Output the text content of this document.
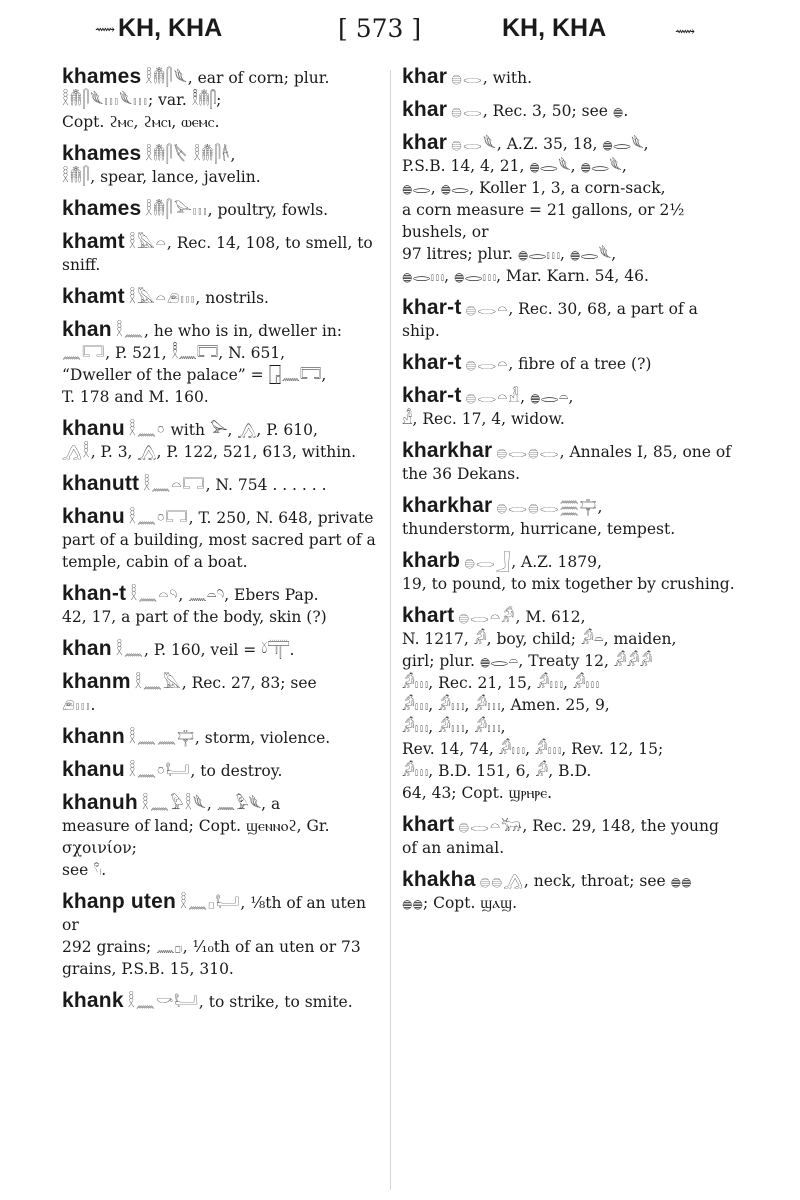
⟿ KH, KHA	[ 573 ]	KH, KHA	⟿
khames 𓎛𓄟𓋴𓆰, ear of corn; plur.
𓎛𓄟𓋴𓆰𓏥𓆰𓏥; var. 𓎛𓄟𓋴;
Copt. ϩⲙⲥ, ϩⲙⲥⲓ, ⲱⲉⲙⲥ.
khames 𓎛𓄟𓋴𓌸 𓎛𓄟𓋴𓌹,
𓎛𓄟𓋴, spear, lance, javelin.
khames 𓎛𓄟𓋴𓅪𓏥, poultry, fowls.
khamt 𓎛𓅓𓏏, Rec. 14, 108, to smell, to sniff.
khamt 𓎛𓅓𓏏𓂉𓏥, nostrils.
khan 𓎛𓈖, he who is in, dweller in:
𓈖𓉐, P. 521, 𓎛𓈖𓉐, N. 651,
“Dweller of the palace” = 𓉗𓈖𓉐,
T. 178 and M. 160.
khanu 𓎛𓈖𓏌 with 𓅪, 𓂻, P. 610,
𓂻𓎛, P. 3, 𓂻, P. 122, 521, 613, within.
khanutt 𓎛𓈖𓏏𓉐, N. 754 . . . . . .
khanu 𓎛𓈖𓏌𓉐, T. 250, N. 648, private
part of a building, most sacred part of a temple, cabin of a boat.
khan-t 𓎛𓈖𓏏𓄹, 𓈖𓏏𓄹, Ebers Pap.
42, 17, a part of the body, skin (?)
khan 𓎛𓈖, P. 160, veil = 𓍱𓋳.
khanm 𓎛𓈖𓅓, Rec. 27, 83; see
𓂉𓏥.
khann 𓎛𓈖𓈖𓊡, storm, violence.
khanu 𓎛𓈖𓏌𓂡, to destroy.
khanuh 𓎛𓈖𓅱𓎛𓆰, 𓈖𓅱𓆰, a
measure of land; Copt. ϣⲉⲛⲛⲟϩ, Gr. σχοινίον;
see 𓍢𓏺.
khanp uten 𓎛𓈖𓊪𓂡, ⅛th of an uten or
292 grains; 𓈖𓊪𓏺, ¹⁄₁₀th of an uten or 73 grains, P.S.B. 15, 310.
khank 𓎛𓈖𓎡𓂡, to strike, to smite.
khar 𓐍𓂋, with.
khar 𓐍𓂋, Rec. 3, 50; see 𓐍.
khar 𓐍𓂋𓆰, A.Z. 35, 18, 𓐍𓂋𓆰,
P.S.B. 14, 4, 21, 𓐍𓂋𓆰, 𓐍𓂋𓆰,
𓐍𓂋, 𓐍𓂋, Koller 1, 3, a corn-sack,
a corn measure = 21 gallons, or 2½ bushels, or
97 litres; plur. 𓐍𓂋𓏥, 𓐍𓂋𓆰,
𓐍𓂋𓏥, 𓐍𓂋𓏥, Mar. Karn. 54, 46.
khar-t 𓐍𓂋𓏏, Rec. 30, 68, a part of a ship.
khar-t 𓐍𓂋𓏏, fibre of a tree (?)
khar-t 𓐍𓂋𓏏𓁐, 𓐍𓂋𓏏,
𓁐, Rec. 17, 4, widow.
kharkhar 𓐍𓂋𓐍𓂋, Annales I, 85, one of the 36 Dekans.
kharkhar 𓐍𓂋𓐍𓂋𓈗𓊡,
thunderstorm, hurricane, tempest.
kharb 𓐍𓂋𓃀, A.Z. 1879,
19, to pound, to mix together by crushing.
khart 𓐍𓂋𓏏𓀔, M. 612,
N. 1217, 𓀔, boy, child; 𓀔𓏏, maiden,
girl; plur. 𓐍𓂋𓏏, Treaty 12, 𓀔𓀔𓀔
𓀔𓏥, Rec. 21, 15, 𓀔𓏥, 𓀔𓏥
𓀔𓏥, 𓀔𓏥, 𓀔𓏥, Amen. 25, 9,
𓀔𓏥, 𓀔𓏥, 𓀔𓏥,
Rev. 14, 74, 𓀔𓏥, 𓀔𓏥, Rev. 12, 15;
𓀔𓏥, B.D. 151, 6, 𓀔, B.D.
64, 43; Copt. ϣⲣⲏⲣⲉ.
khart 𓐍𓂋𓏏𓃒, Rec. 29, 148, the young of an animal.
khakha 𓐍𓐍𓂻, neck, throat; see 𓐍𓐍
𓐍𓐍; Copt. ϣⲁϣ.
